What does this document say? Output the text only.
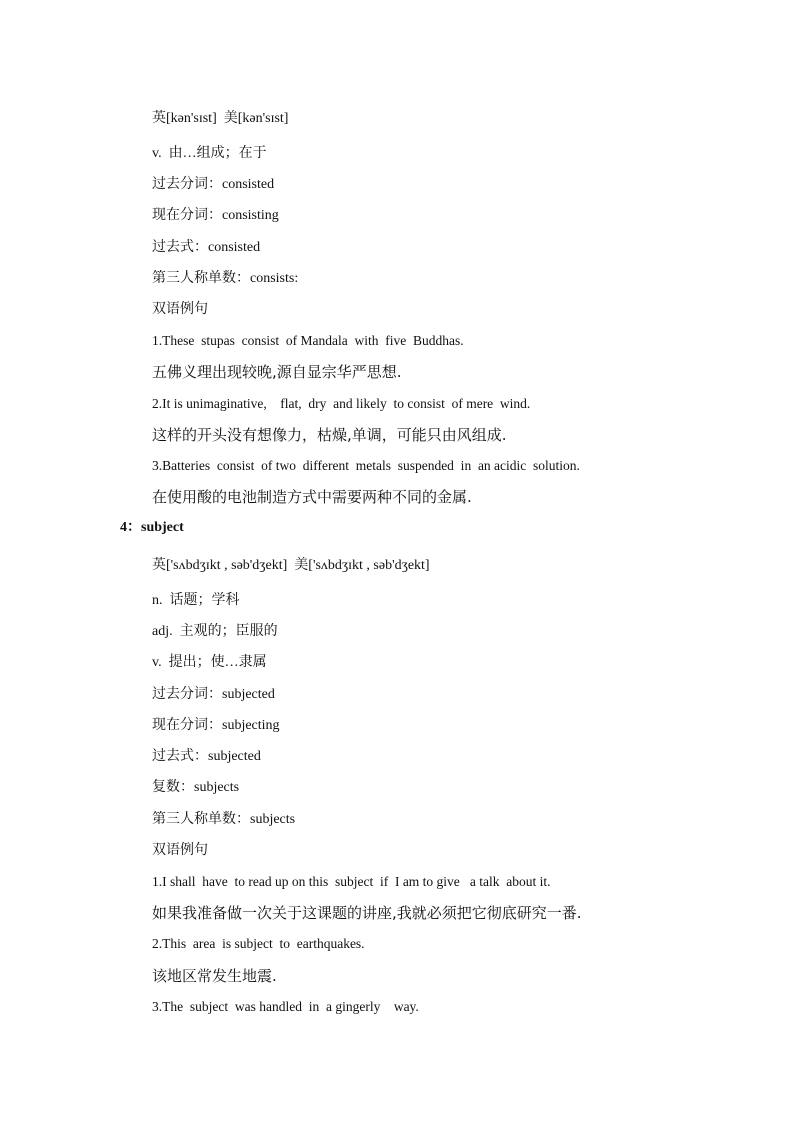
英[kən'sɪst]  美[kən'sɪst]
v.  由…组成；在于
过去分词：consisted
现在分词：consisting
过去式：consisted
第三人称单数：consists:
双语例句
1.These  stupas  consist  of Mandala  with  five  Buddhas.
五佛义理出现较晚,源自显宗华严思想.
2.It is unimaginative,    flat,  dry  and likely  to consist  of mere  wind.
这样的开头没有想像力，枯燥,单调，可能只由风组成.
3.Batteries  consist  of two  different  metals  suspended  in  an acidic  solution.
在使用酸的电池制造方式中需要两种不同的金属.
4：subject
英['sʌbdʒɪkt , səb'dʒekt]  美['sʌbdʒɪkt , səb'dʒekt]
n.  话题；学科
adj.  主观的；臣服的
v.  提出；使…隶属
过去分词：subjected
现在分词：subjecting
过去式：subjected
复数：subjects
第三人称单数：subjects
双语例句
1.I shall  have  to read up on this  subject  if  I am to give   a talk  about it.
如果我准备做一次关于这课题的讲座,我就必须把它彻底研究一番.
2.This  area  is subject  to  earthquakes.
该地区常发生地震.
3.The  subject  was handled  in  a gingerly    way.
